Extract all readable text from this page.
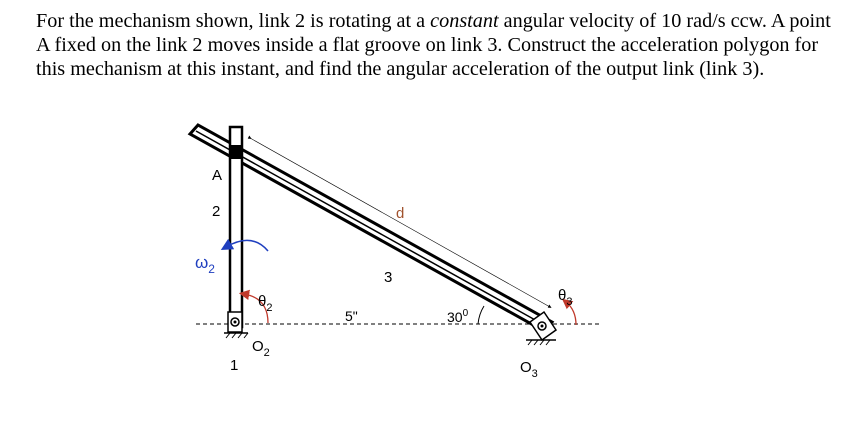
For the mechanism shown, link 2 is rotating at a constant angular velocity of 10 rad/s ccw. A point A fixed on the link 2 moves inside a flat groove on link 3. Construct the acceleration polygon for this mechanism at this instant, and find the angular acceleration of the output link (link 3).

A
2
$\omega_2$
$\theta_2$
$O_2$
1
5"
d
3
$30^0$
$\theta_3$
$O_3$
